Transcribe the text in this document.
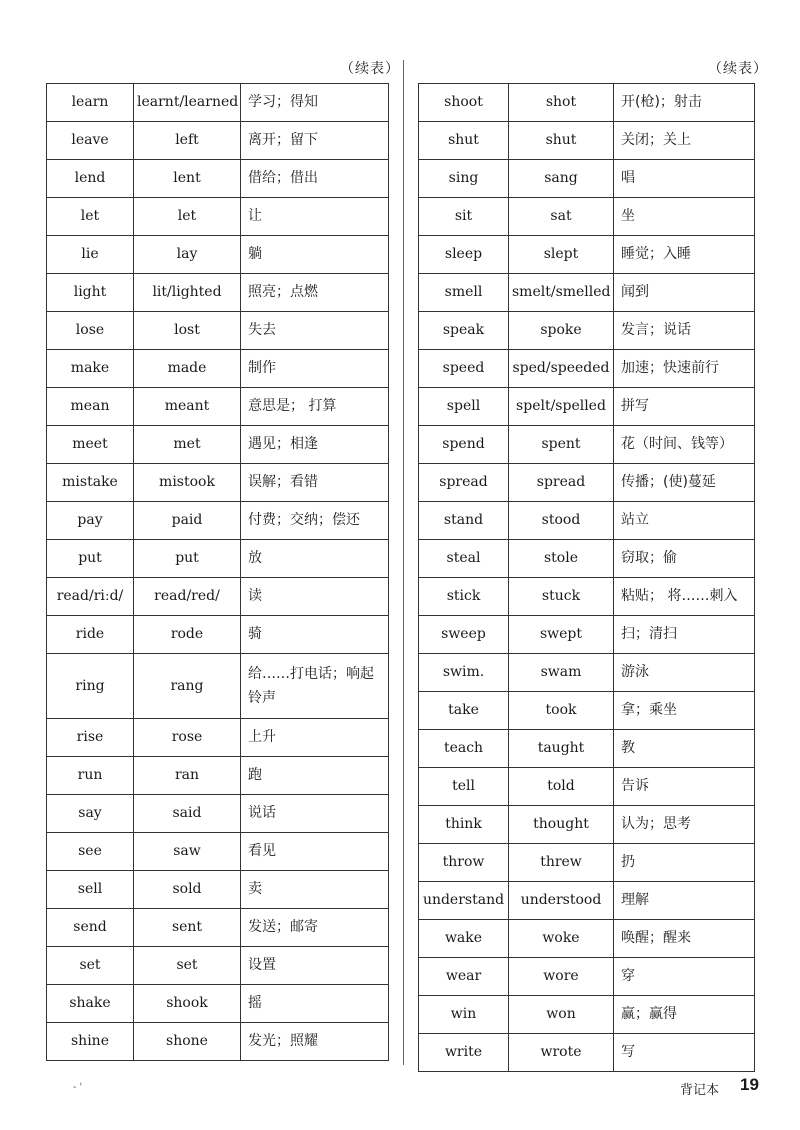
（续表）	（续表）
learn	learnt/learned	学习；得知
leave	left	离开；留下
lend	lent	借给；借出
let	let	让
lie	lay	躺
light	lit/lighted	照亮；点燃
lose	lost	失去
make	made	制作
mean	meant	意思是； 打算
meet	met	遇见；相逢
mistake	mistook	误解；看错
pay	paid	付费；交纳；偿还
put	put	放
read/riːd/	read/red/	读
ride	rode	骑
ring	rang	给……打电话；响起铃声
rise	rose	上升
run	ran	跑
say	said	说话
see	saw	看见
sell	sold	卖
send	sent	发送；邮寄
set	set	设置
shake	shook	摇
shine	shone	发光；照耀
shoot	shot	开(枪)；射击
shut	shut	关闭；关上
sing	sang	唱
sit	sat	坐
sleep	slept	睡觉；入睡
smell	smelt/smelled	闻到
speak	spoke	发言；说话
speed	sped/speeded	加速；快速前行
spell	spelt/spelled	拼写
spend	spent	花（时间、钱等）
spread	spread	传播；(使)蔓延
stand	stood	站立
steal	stole	窃取；偷
stick	stuck	粘贴； 将……刺入
sweep	swept	扫；清扫
swim.	swam	游泳
take	took	拿；乘坐
teach	taught	教
tell	told	告诉
think	thought	认为；思考
throw	threw	扔
understand	understood	理解
wake	woke	唤醒；醒来
wear	wore	穿
win	won	赢；赢得
write	wrote	写
- '	背记本 19
